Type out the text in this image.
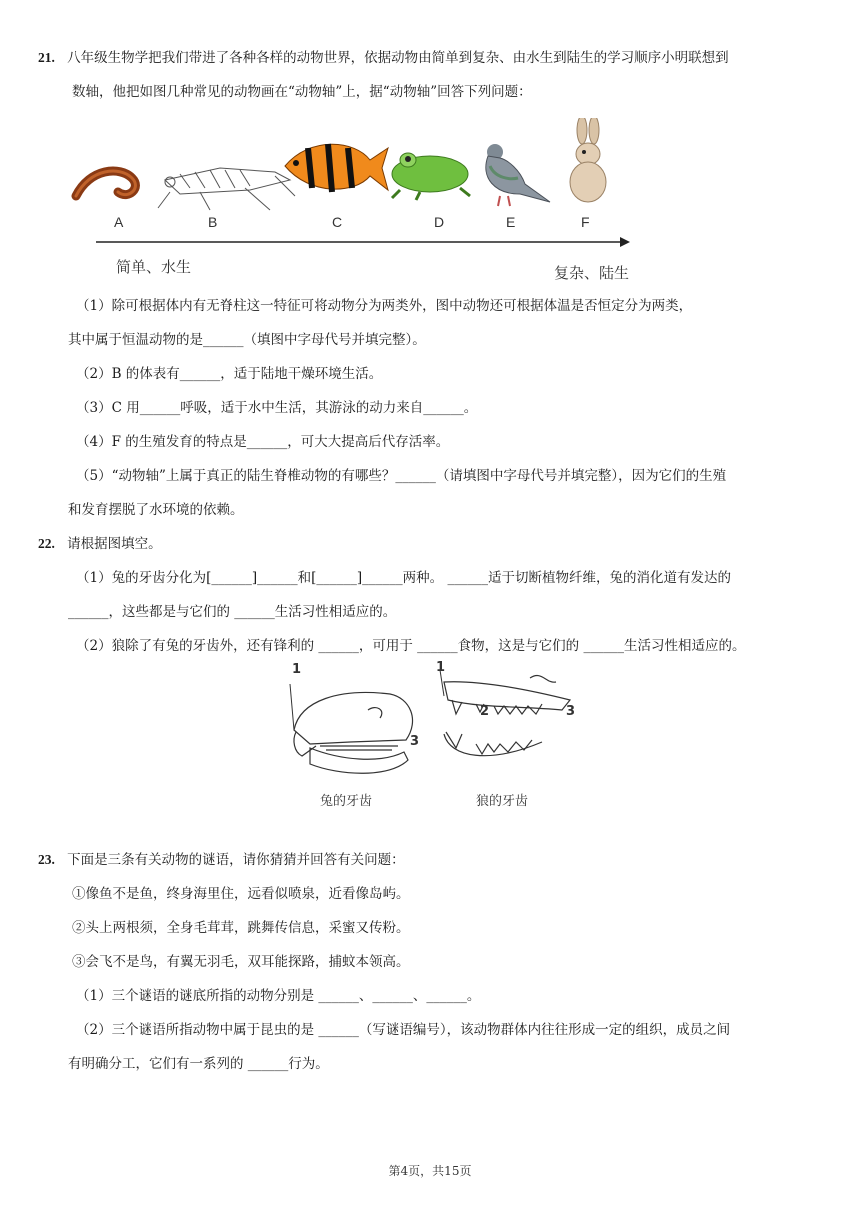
21. 八年级生物学把我们带进了各种各样的动物世界，依据动物由简单到复杂、由水生到陆生的学习顺序小明联想到
数轴，他把如图几种常见的动物画在“动物轴”上，据“动物轴”回答下列问题：
A	B	C	D	E	F
简单、水生	复杂、陆生
（1）除可根据体内有无脊柱这一特征可将动物分为两类外，图中动物还可根据体温是否恒定分为两类，
其中属于恒温动物的是______（填图中字母代号并填完整）。
（2）B 的体表有______，适于陆地干燥环境生活。
（3）C 用______呼吸，适于水中生活，其游泳的动力来自______。
（4）F 的生殖发育的特点是______，可大大提高后代存活率。
（5）“动物轴”上属于真正的陆生脊椎动物的有哪些？______（请填图中字母代号并填完整），因为它们的生殖
和发育摆脱了水环境的依赖。
22. 请根据图填空。
（1）兔的牙齿分化为[______]______和[______]______两种。 ______适于切断植物纤维，兔的消化道有发达的
______，这些都是与它们的 ______生活习性相适应的。
（2）狼除了有兔的牙齿外，还有锋利的 ______，可用于 ______食物，这是与它们的 ______生活习性相适应的。
1
3
1
2	3
兔的牙齿	狼的牙齿
23. 下面是三条有关动物的谜语，请你猜猜并回答有关问题：
①像鱼不是鱼，终身海里住，远看似喷泉，近看像岛屿。
②头上两根须，全身毛茸茸，跳舞传信息，采蜜又传粉。
③会飞不是鸟，有翼无羽毛，双耳能探路，捕蚊本领高。
（1）三个谜语的谜底所指的动物分别是 ______、______、______。
（2）三个谜语所指动物中属于昆虫的是 ______（写谜语编号），该动物群体内往往形成一定的组织，成员之间
有明确分工，它们有一系列的 ______行为。
第4页，共15页
